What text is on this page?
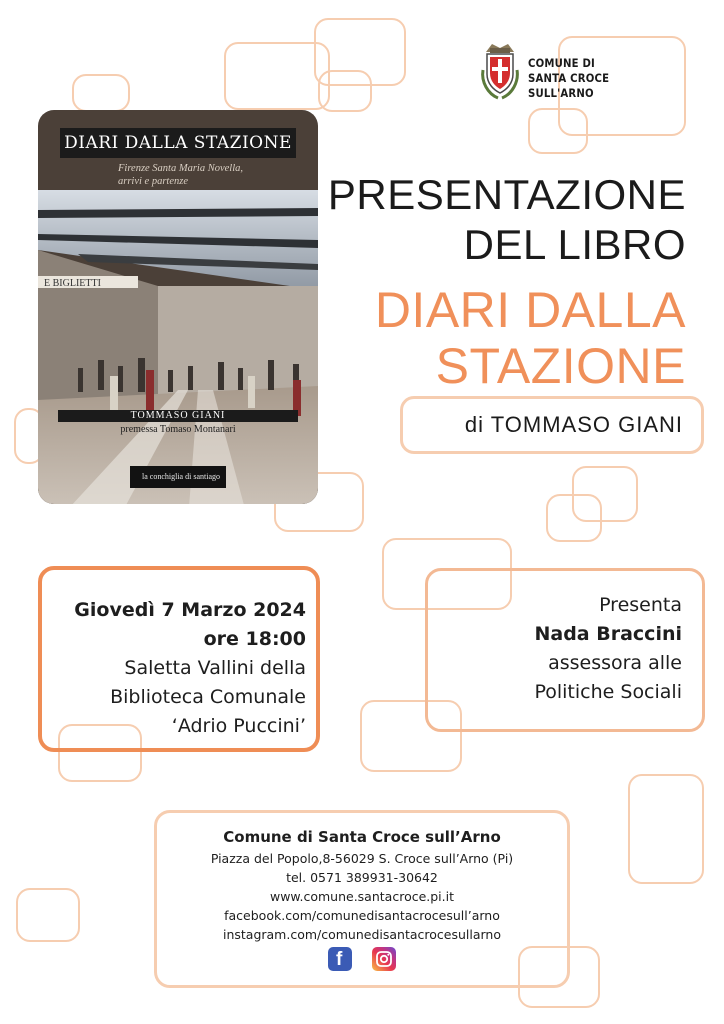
COMUNE DI
SANTA CROCE SULL'ARNO
E BIGLIETTI
DIARI DALLA STAZIONE
Firenze Santa Maria Novella,
arrivi e partenze
TOMMASO GIANI
premessa Tomaso Montanari
la conchiglia di santiago
PRESENTAZIONE
DEL LIBRO
DIARI DALLA
STAZIONE
di TOMMASO GIANI
Giovedì 7 Marzo 2024
ore 18:00
Saletta Vallini della
Biblioteca Comunale
‘Adrio Puccini’
Presenta
Nada Braccini
assessora alle
Politiche Sociali
Comune di Santa Croce sull’Arno
Piazza del Popolo,8-56029 S. Croce sull’Arno (Pi)
tel. 0571 389931-30642
www.comune.santacroce.pi.it
facebook.com/comunedisantacrocesull’arno
instagram.com/comunedisantacrocesullarno
f
